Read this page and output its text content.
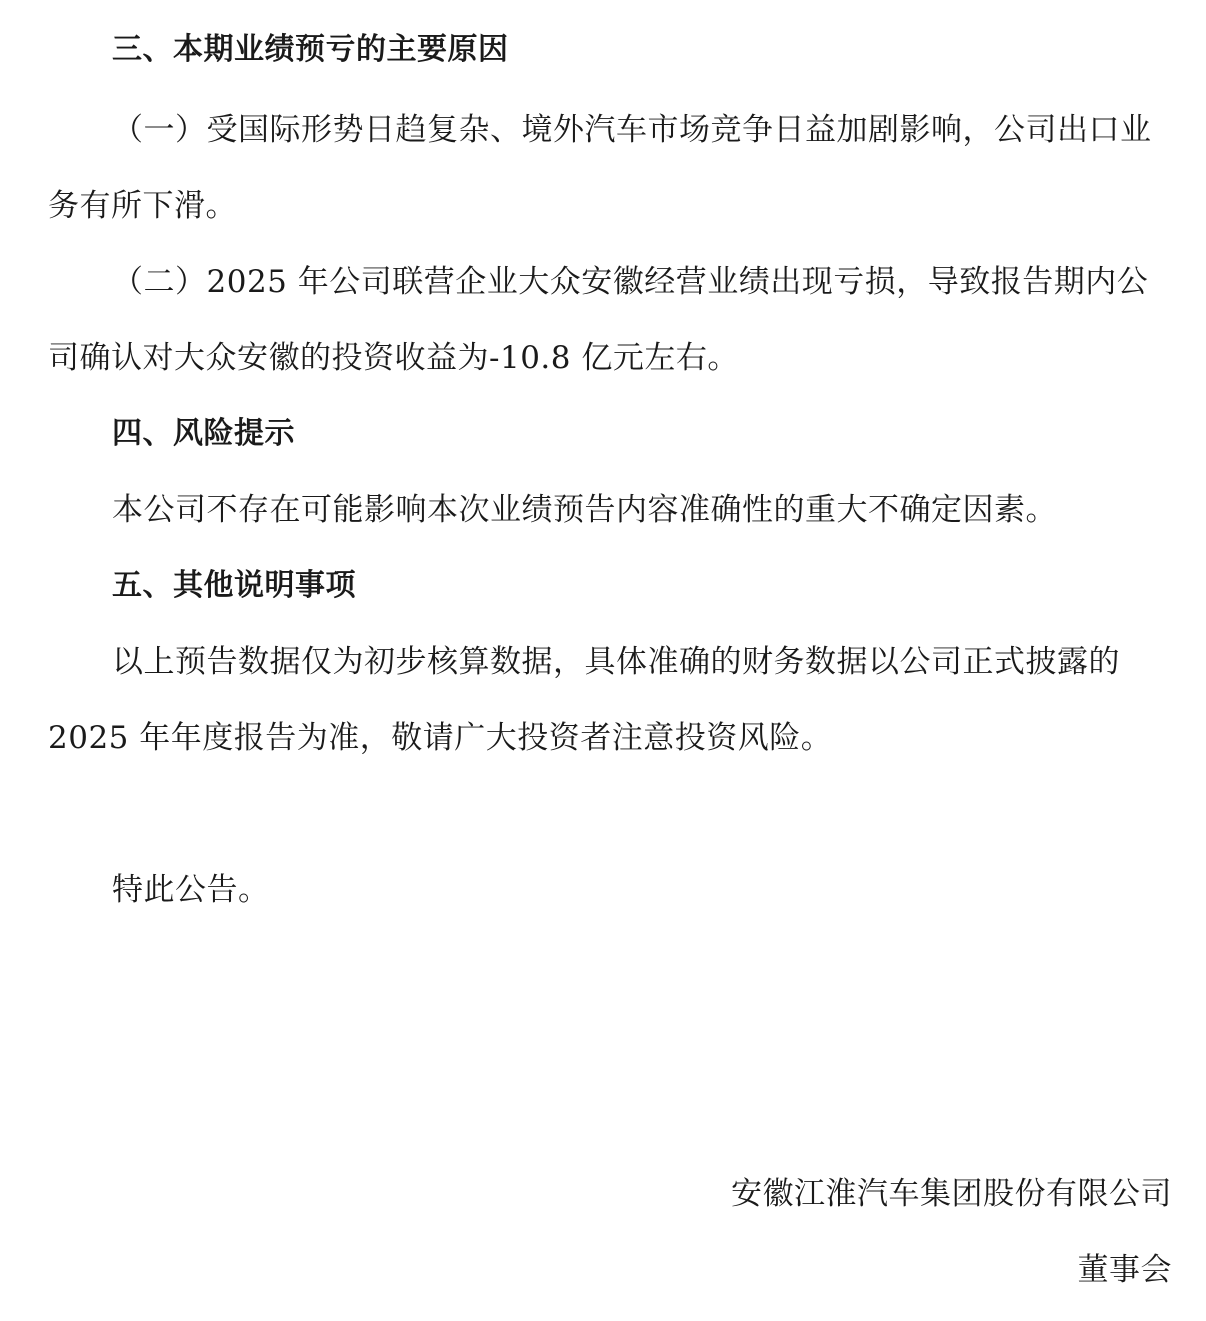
三、本期业绩预亏的主要原因
（一）受国际形势日趋复杂、境外汽车市场竞争日益加剧影响，公司出口业
务有所下滑。
（二）2025 年公司联营企业大众安徽经营业绩出现亏损，导致报告期内公
司确认对大众安徽的投资收益为-10.8 亿元左右。
四、风险提示
本公司不存在可能影响本次业绩预告内容准确性的重大不确定因素。
五、其他说明事项
以上预告数据仅为初步核算数据，具体准确的财务数据以公司正式披露的
2025 年年度报告为准，敬请广大投资者注意投资风险。
特此公告。
安徽江淮汽车集团股份有限公司
董事会
